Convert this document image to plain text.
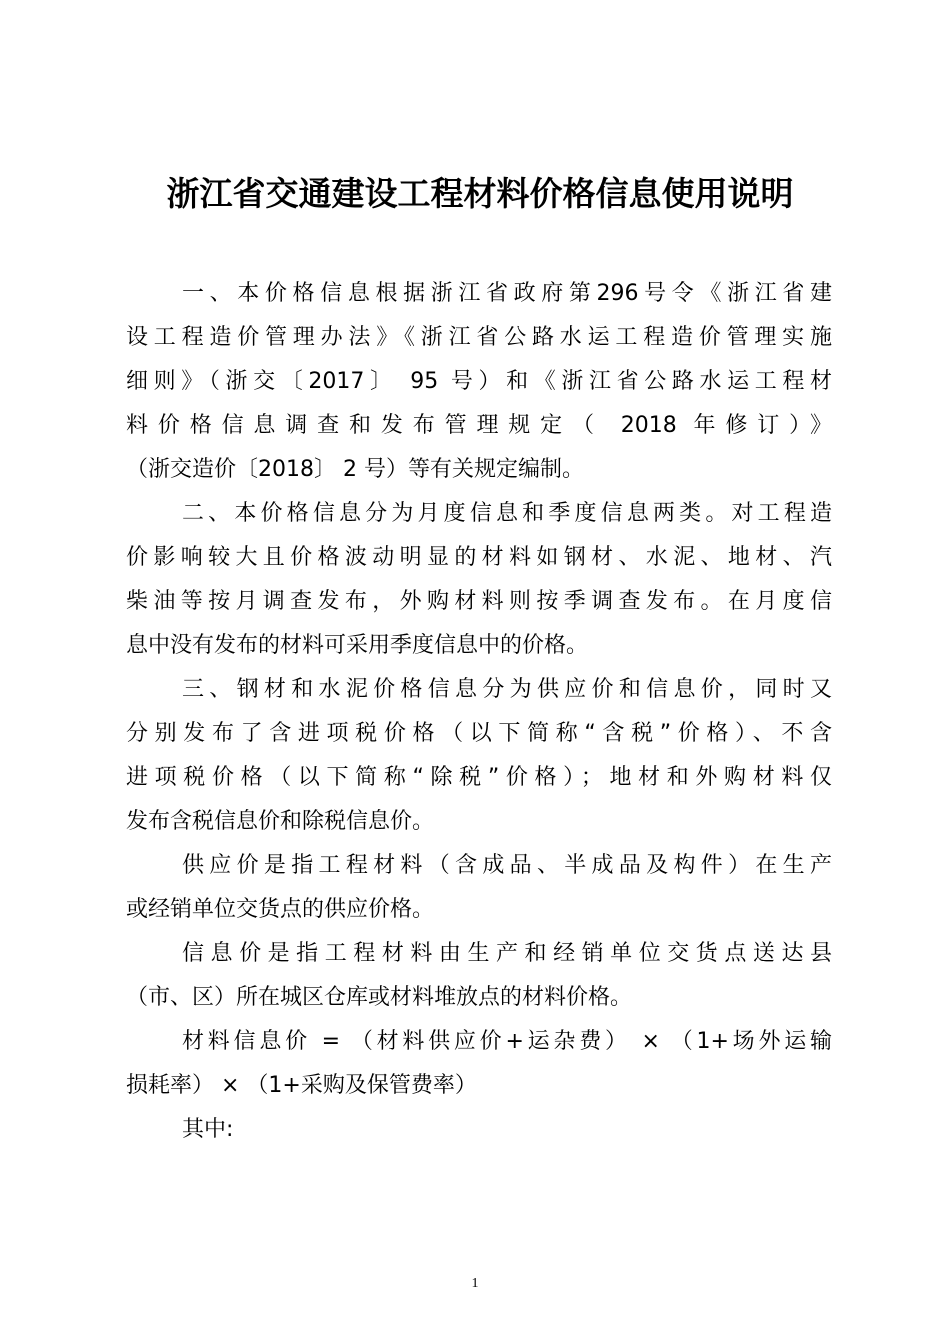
浙江省交通建设工程材料价格信息使用说明
一、本价格信息根据浙江省政府第296号令《浙江省建
设工程造价管理办法》《浙江省公路水运工程造价管理实施
细则》（浙交〔2017〕 95 号）和《浙江省公路水运工程材
料价格信息调查和发布管理规定（ 2018 年修订）》
（浙交造价〔2018〕 2 号）等有关规定编制。
二、本价格信息分为月度信息和季度信息两类。对工程造
价影响较大且价格波动明显的材料如钢材、水泥、地材、汽
柴油等按月调查发布，外购材料则按季调查发布。在月度信
息中没有发布的材料可采用季度信息中的价格。
三、钢材和水泥价格信息分为供应价和信息价，同时又
分别发布了含进项税价格（以下简称“含税”价格）、不含
进项税价格（以下简称“除税”价格）；地材和外购材料仅
发布含税信息价和除税信息价。
供应价是指工程材料（含成品、半成品及构件）在生产
或经销单位交货点的供应价格。
信息价是指工程材料由生产和经销单位交货点送达县
（市、区）所在城区仓库或材料堆放点的材料价格。
材料信息价 = （材料供应价+运杂费） × （1+场外运输
损耗率） × （1+采购及保管费率）
其中:
1
